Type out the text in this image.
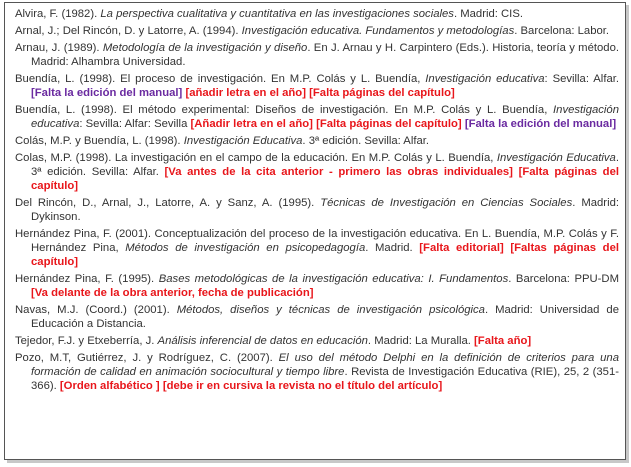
Alvira, F. (1982). La perspectiva cualitativa y cuantitativa en las investigaciones sociales. Madrid: CIS.
Arnal, J.; Del Rincón, D. y Latorre, A. (1994). Investigación educativa. Fundamentos y metodologías. Barcelona: Labor.
Arnau, J. (1989). Metodología de la investigación y diseño. En J. Arnau y H. Carpintero (Eds.). Historia, teoría y método. Madrid: Alhambra Universidad.
Buendía, L. (1998). El proceso de investigación. En M.P. Colás y L. Buendía, Investigación educativa: Sevilla: Alfar. [Falta la edición del manual] [añadir letra en el año] [Falta páginas del capítulo]
Buendía, L. (1998). El método experimental: Diseños de investigación. En M.P. Colás y L. Buendía, Investigación educativa: Sevilla: Alfar: Sevilla [Añadir letra en el año] [Falta páginas del capítulo] [Falta la edición del manual]
Colás, M.P. y Buendía, L. (1998). Investigación Educativa. 3ª edición. Sevilla: Alfar.
Colas, M.P. (1998). La investigación en el campo de la educación. En M.P. Colás y L. Buendía, Investigación Educativa. 3ª edición. Sevilla: Alfar. [Va antes de la cita anterior - primero las obras individuales] [Falta páginas del capítulo]
Del Rincón, D., Arnal, J., Latorre, A. y Sanz, A. (1995). Técnicas de Investigación en Ciencias Sociales. Madrid: Dykinson.
Hernández Pina, F. (2001). Conceptualización del proceso de la investigación educativa. En L. Buendía, M.P. Colás y F. Hernández Pina, Métodos de investigación en psicopedagogía. Madrid. [Falta editorial] [Faltas páginas del capítulo]
Hernández Pina, F. (1995). Bases metodológicas de la investigación educativa: I. Fundamentos. Barcelona: PPU-DM [Va delante de la obra anterior, fecha de publicación]
Navas, M.J. (Coord.) (2001). Métodos, diseños y técnicas de investigación psicológica. Madrid: Universidad de Educación a Distancia.
Tejedor, F.J. y Etxeberría, J. Análisis inferencial de datos en educación. Madrid: La Muralla. [Falta año]
Pozo, M.T, Gutiérrez, J. y Rodríguez, C. (2007). El uso del método Delphi en la definición de criterios para una formación de calidad en animación sociocultural y tiempo libre. Revista de Investigación Educativa (RIE), 25, 2 (351-366). [Orden alfabético ] [debe ir en cursiva la revista no el título del artículo]
